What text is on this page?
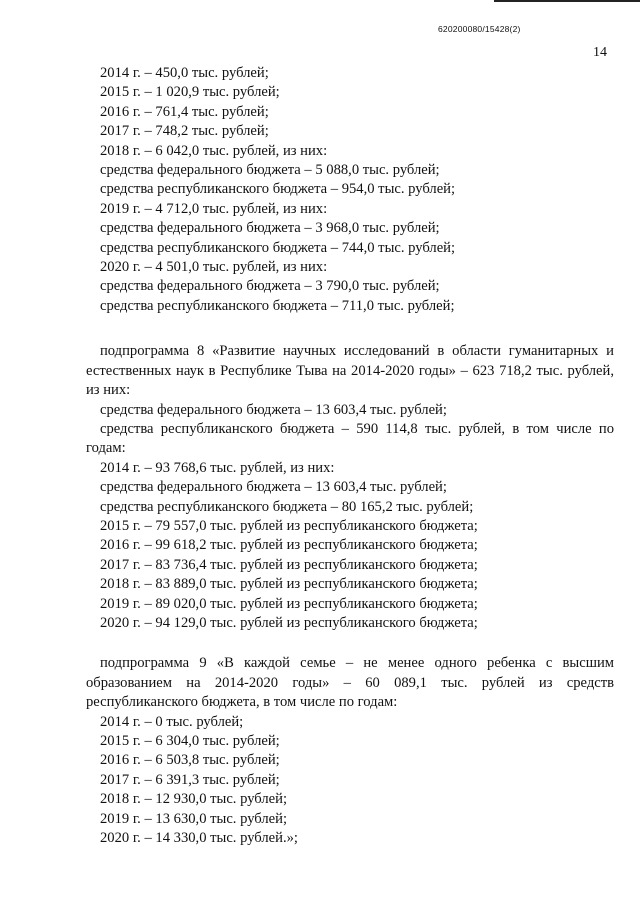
620200080/15428(2)
14
2014 г. – 450,0 тыс. рублей;
2015 г. – 1 020,9 тыс. рублей;
2016 г. – 761,4 тыс. рублей;
2017 г. – 748,2 тыс. рублей;
2018 г. – 6 042,0 тыс. рублей, из них:
средства федерального бюджета – 5 088,0 тыс. рублей;
средства республиканского бюджета – 954,0 тыс. рублей;
2019 г. – 4 712,0 тыс. рублей, из них:
средства федерального бюджета – 3 968,0 тыс. рублей;
средства республиканского бюджета – 744,0 тыс. рублей;
2020 г. – 4 501,0 тыс. рублей, из них:
средства федерального бюджета – 3 790,0 тыс. рублей;
средства республиканского бюджета – 711,0 тыс. рублей;
подпрограмма 8 «Развитие научных исследований в области гуманитарных и естественных наук в Республике Тыва на 2014-2020 годы» – 623 718,2 тыс. рублей, из них:
средства федерального бюджета – 13 603,4 тыс. рублей;
средства республиканского бюджета – 590 114,8 тыс. рублей, в том числе по годам:
2014 г. – 93 768,6 тыс. рублей, из них:
средства федерального бюджета – 13 603,4 тыс. рублей;
средства республиканского бюджета – 80 165,2 тыс. рублей;
2015 г. – 79 557,0 тыс. рублей из республиканского бюджета;
2016 г. – 99 618,2 тыс. рублей из республиканского бюджета;
2017 г. – 83 736,4 тыс. рублей из республиканского бюджета;
2018 г. – 83 889,0 тыс. рублей из республиканского бюджета;
2019 г. – 89 020,0 тыс. рублей из республиканского бюджета;
2020 г. – 94 129,0 тыс. рублей из республиканского бюджета;
подпрограмма 9 «В каждой семье – не менее одного ребенка с высшим образованием на 2014-2020 годы» – 60 089,1 тыс. рублей из средств республиканского бюджета, в том числе по годам:
2014 г. – 0 тыс. рублей;
2015 г. – 6 304,0 тыс. рублей;
2016 г. – 6 503,8 тыс. рублей;
2017 г. – 6 391,3 тыс. рублей;
2018 г. – 12 930,0 тыс. рублей;
2019 г. – 13 630,0 тыс. рублей;
2020 г. – 14 330,0 тыс. рублей.»;
